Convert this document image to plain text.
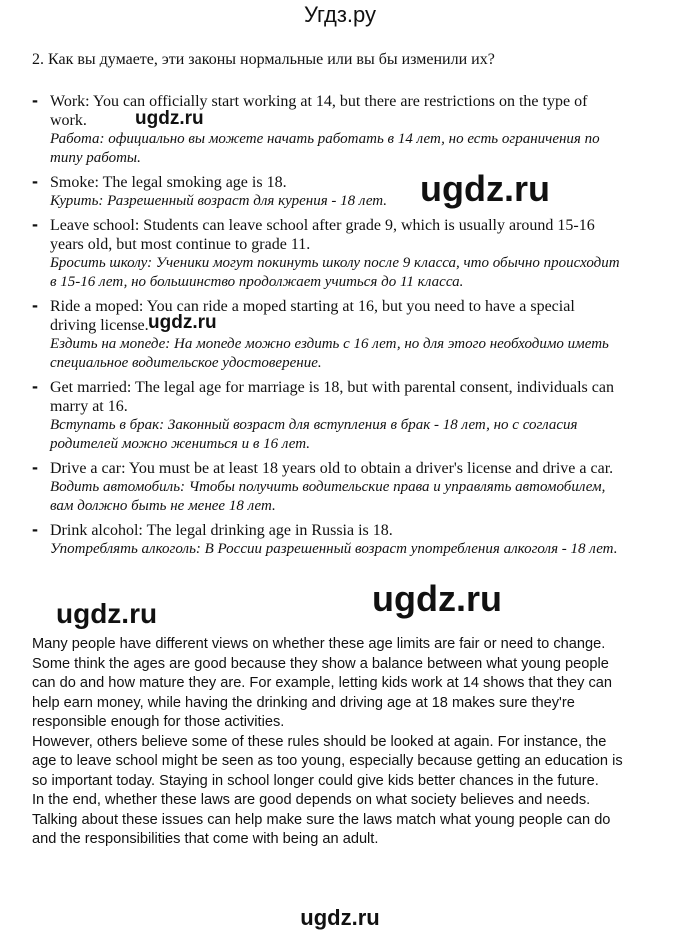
Угдз.ру
2. Как вы думаете, эти законы нормальные или вы бы изменили их?
- Work: You can officially start working at 14, but there are restrictions on the type of work.
Работа: официально вы можете начать работать в 14 лет, но есть ограничения по типу работы.
- Smoke: The legal smoking age is 18.
Курить: Разрешенный возраст для курения - 18 лет.
- Leave school: Students can leave school after grade 9, which is usually around 15-16 years old, but most continue to grade 11.
Бросить школу: Ученики могут покинуть школу после 9 класса, что обычно происходит в 15-16 лет, но большинство продолжает учиться до 11 класса.
- Ride a moped: You can ride a moped starting at 16, but you need to have a special driving license.
Ездить на мопеде: На мопеде можно ездить с 16 лет, но для этого необходимо иметь специальное водительское удостоверение.
- Get married: The legal age for marriage is 18, but with parental consent, individuals can marry at 16.
Вступать в брак: Законный возраст для вступления в брак - 18 лет, но с согласия родителей можно жениться и в 16 лет.
- Drive a car: You must be at least 18 years old to obtain a driver's license and drive a car.
Водить автомобиль: Чтобы получить водительские права и управлять автомобилем, вам должно быть не менее 18 лет.
- Drink alcohol: The legal drinking age in Russia is 18.
Употреблять алкоголь: В России разрешенный возраст употребления алкоголя - 18 лет.
ugdz.ru
ugdz.ru
ugdz.ru
ugdz.ru
ugdz.ru

Many people have different views on whether these age limits are fair or need to change.

Some think the ages are good because they show a balance between what young people can do and how mature they are. For example, letting kids work at 14 shows that they can help earn money, while having the drinking and driving age at 18 makes sure they're responsible enough for those activities.

However, others believe some of these rules should be looked at again. For instance, the age to leave school might be seen as too young, especially because getting an education is so important today. Staying in school longer could give kids better chances in the future.

In the end, whether these laws are good depends on what society believes and needs. Talking about these issues can help make sure the laws match what young people can do and the responsibilities that come with being an adult.

ugdz.ru
